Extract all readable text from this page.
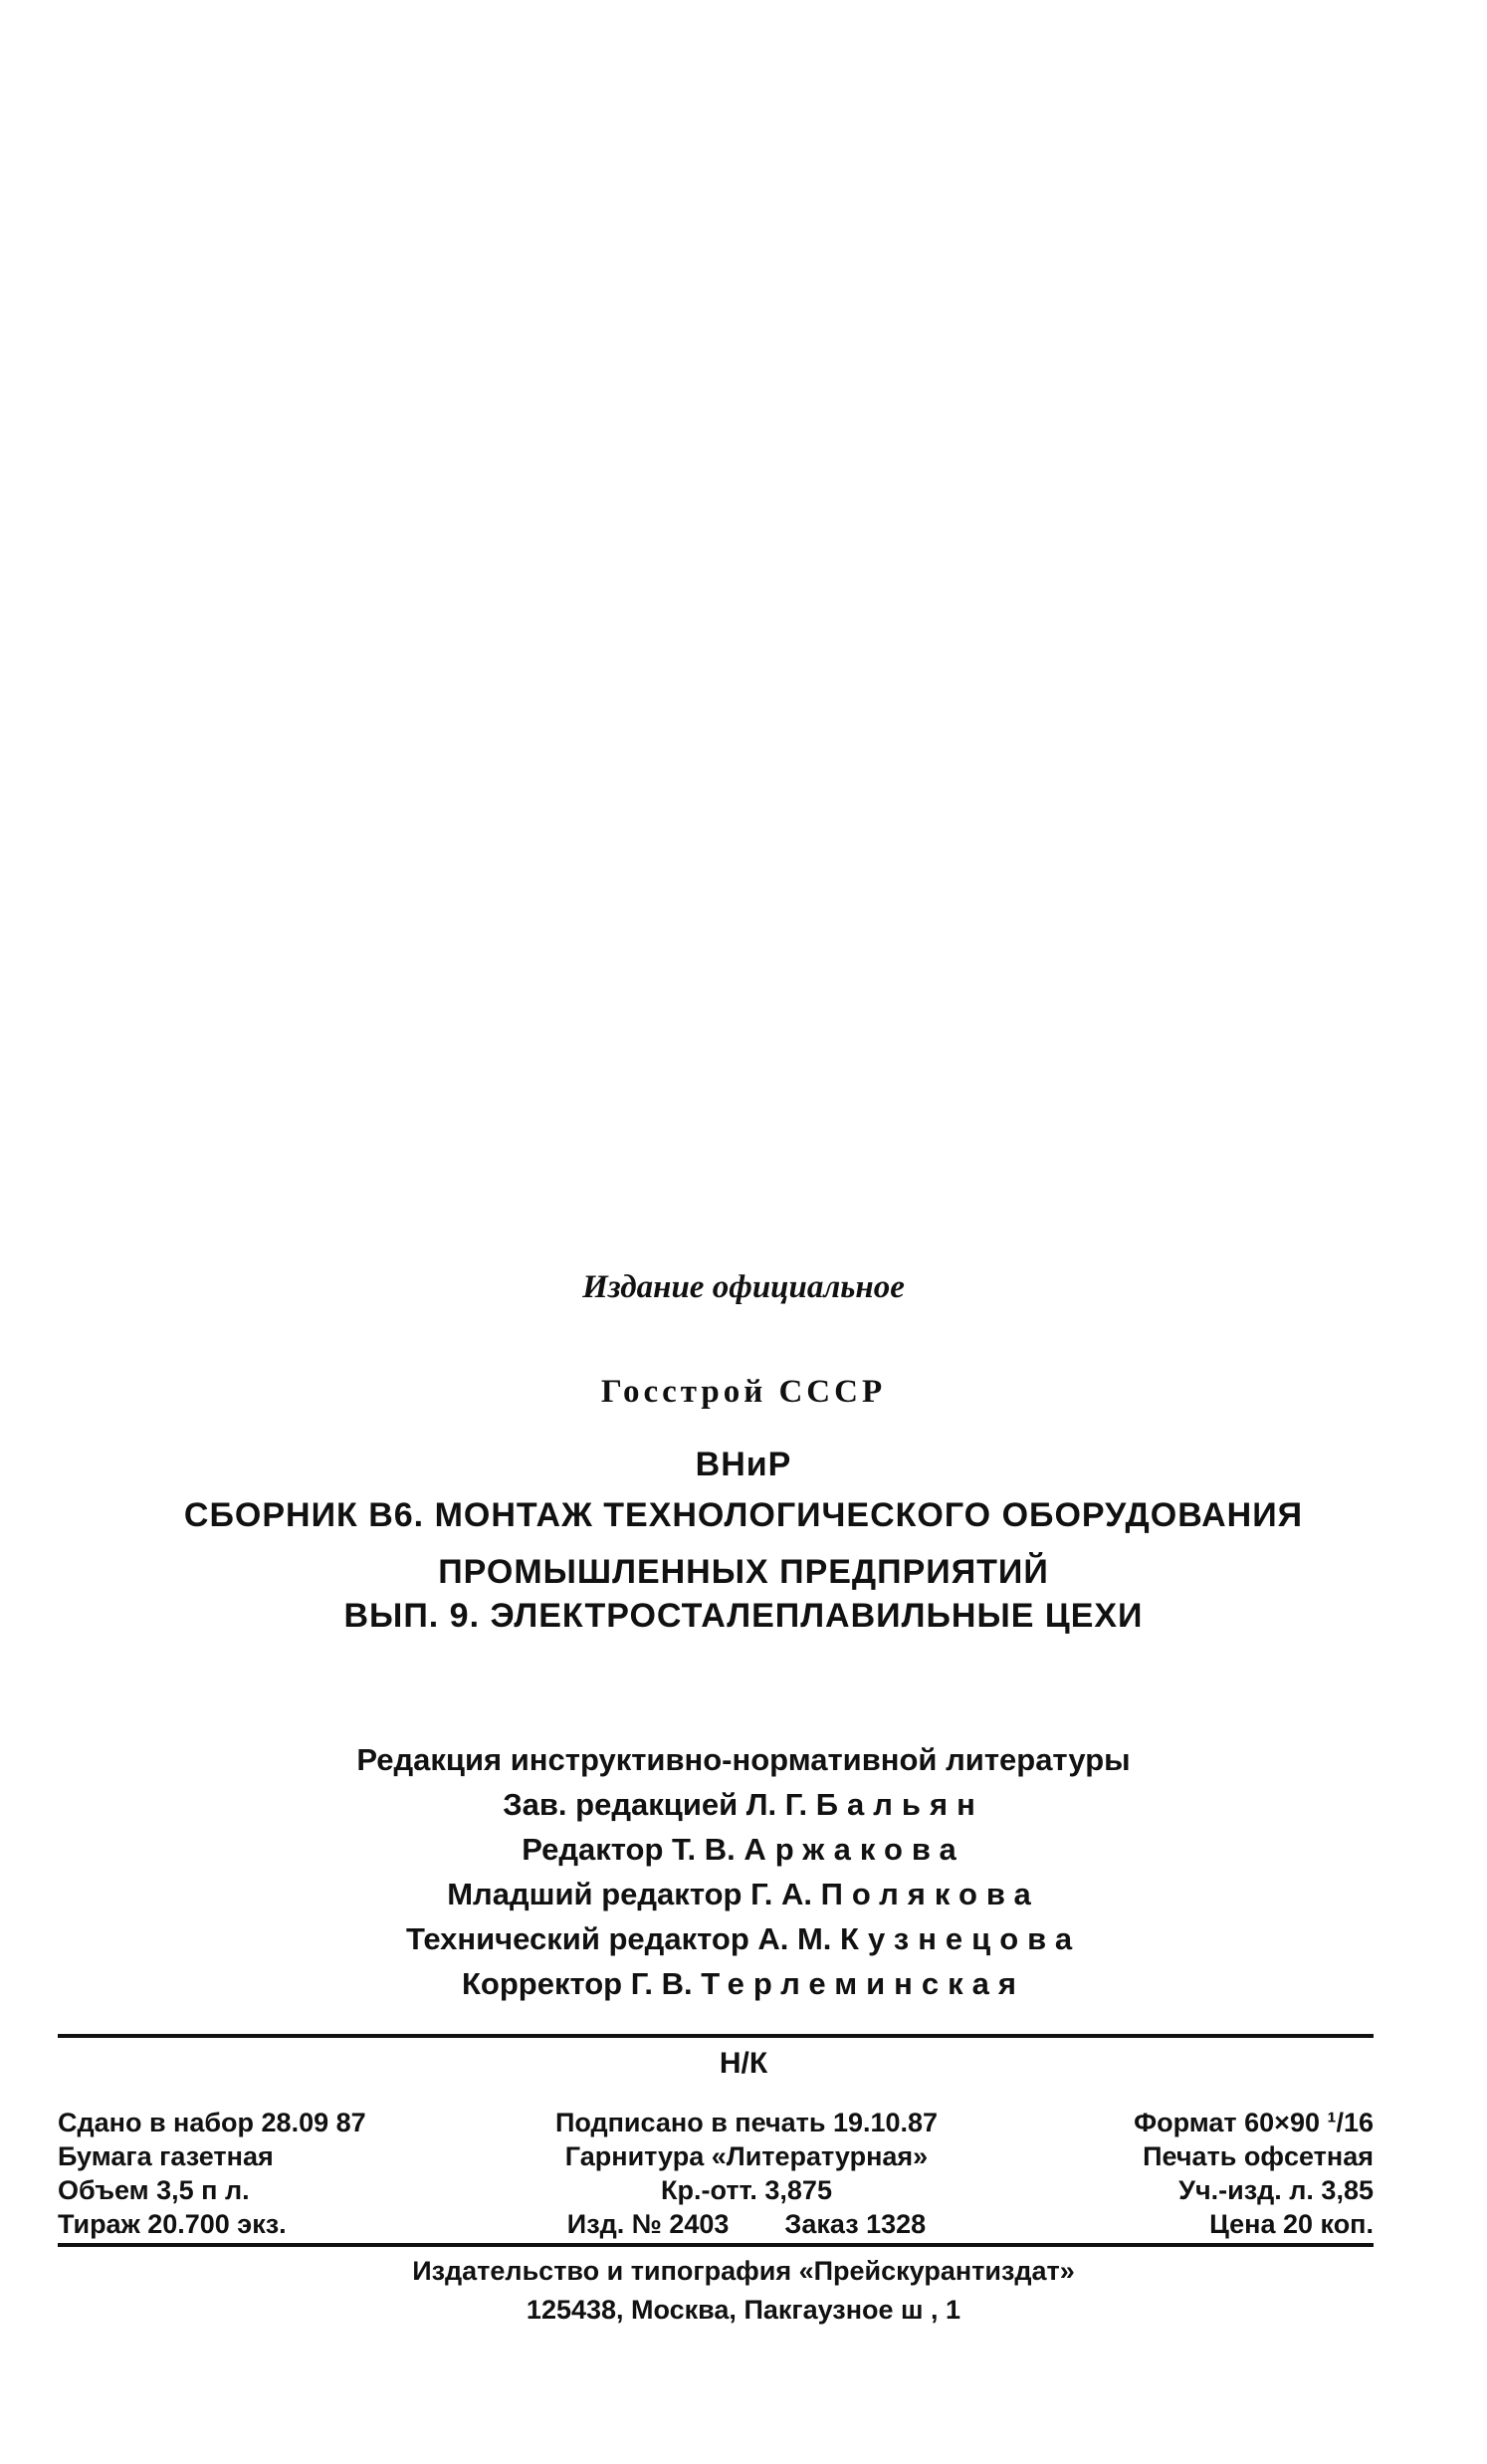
Издание официальное
Госстрой СССР
ВНиР
СБОРНИК В6. МОНТАЖ ТЕХНОЛОГИЧЕСКОГО ОБОРУДОВАНИЯ
ПРОМЫШЛЕННЫХ ПРЕДПРИЯТИЙ
ВЫП. 9. ЭЛЕКТРОСТАЛЕПЛАВИЛЬНЫЕ ЦЕХИ
Редакция инструктивно-нормативной литературы
Зав. редакцией Л. Г. Бальян
Редактор Т. В. Аржакова
Младший редактор Г. А. Полякова
Технический редактор А. М. Кузнецова
Корректор Г. В. Терлеминская
Н/К
Сдано в набор 28.09 87
Бумага газетная
Объем 3,5 п л.
Тираж 20.700 экз.
Подписано в печать 19.10.87
Гарнитура «Литературная»
Кр.-отт. 3,875
Изд. № 2403 Заказ 1328
Формат 60×90 ¹/16
Печать офсетная
Уч.-изд. л. 3,85
Цена 20 коп.
Издательство и типография «Прейскурантиздат»
125438, Москва, Пакгаузное ш , 1
